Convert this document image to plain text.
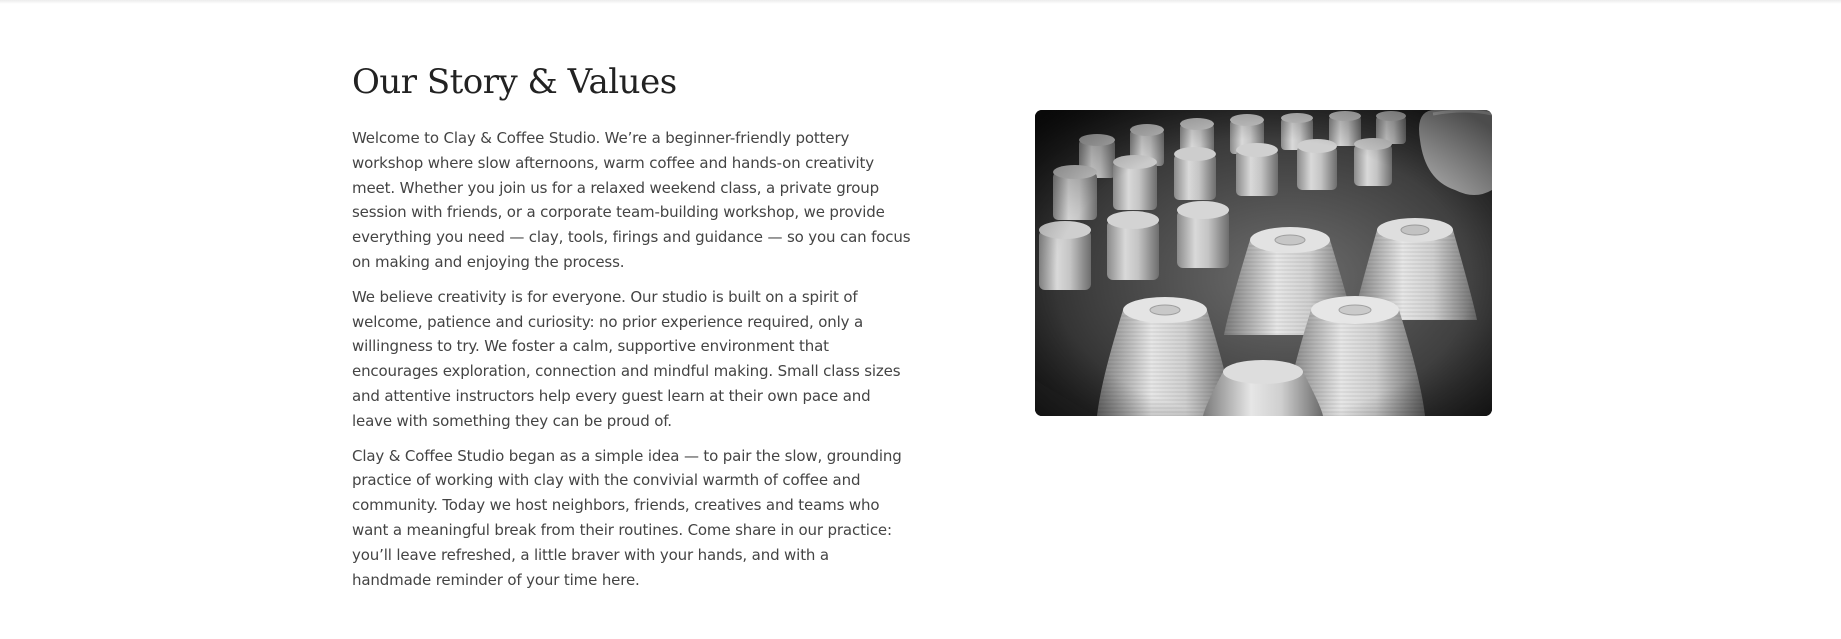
Our Story & Values

Welcome to Clay & Coffee Studio. We’re a beginner-friendly pottery workshop where slow afternoons, warm coffee and hands-on creativity meet. Whether you join us for a relaxed weekend class, a private group session with friends, or a corporate team-building workshop, we provide everything you need — clay, tools, firings and guidance — so you can focus on making and enjoying the process.

We believe creativity is for everyone. Our studio is built on a spirit of welcome, patience and curiosity: no prior experience required, only a willingness to try. We foster a calm, supportive environment that encourages exploration, connection and mindful making. Small class sizes and attentive instructors help every guest learn at their own pace and leave with something they can be proud of.

Clay & Coffee Studio began as a simple idea — to pair the slow, grounding practice of working with clay with the convivial warmth of coffee and community. Today we host neighbors, friends, creatives and teams who want a meaningful break from their routines. Come share in our practice: you’ll leave refreshed, a little braver with your hands, and with a handmade reminder of your time here.
